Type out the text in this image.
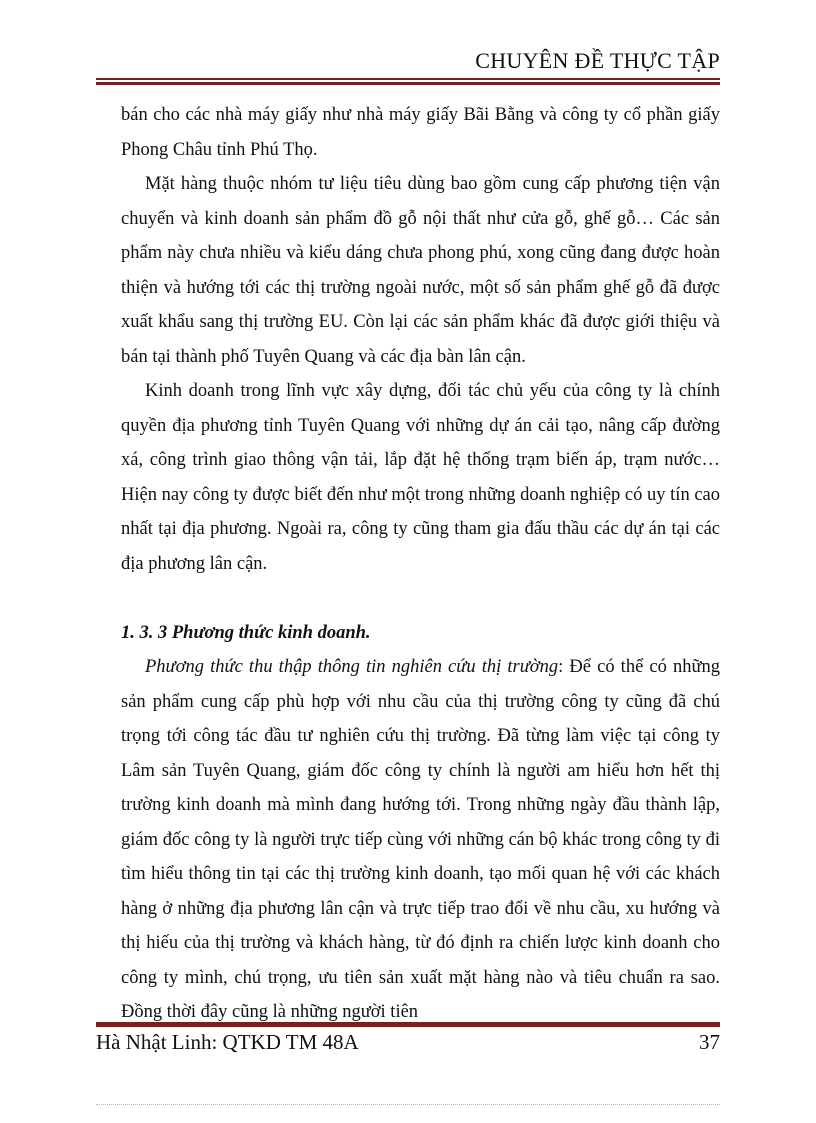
CHUYÊN ĐỀ THỰC TẬP

bán cho các nhà máy giấy như nhà máy giấy Bãi Bằng và công ty cổ phần giấy Phong Châu tỉnh Phú Thọ.

Mặt hàng thuộc nhóm tư liệu tiêu dùng bao gồm cung cấp phương tiện vận chuyển và kinh doanh sản phẩm đồ gỗ nội thất như cửa gỗ, ghế gỗ… Các sản phẩm này chưa nhiều và kiểu dáng chưa phong phú, xong cũng đang được hoàn thiện và hướng tới các thị trường ngoài nước, một số sản phẩm ghế gỗ đã được xuất khẩu sang thị trường EU. Còn lại các sản phẩm khác đã được giới thiệu và bán tại thành phố Tuyên Quang và các địa bàn lân cận.

Kinh doanh trong lĩnh vực xây dựng, đối tác chủ yếu của công ty là chính quyền địa phương tỉnh Tuyên Quang với những dự án cải tạo, nâng cấp đường xá, công trình giao thông vận tải, lắp đặt hệ thống trạm biến áp, trạm nước… Hiện nay công ty được biết đến như một trong những doanh nghiệp có uy tín cao nhất tại địa phương. Ngoài ra, công ty cũng tham gia đấu thầu các dự án tại các địa phương lân cận.

1. 3. 3 Phương thức kinh doanh.

Phương thức thu thập thông tin nghiên cứu thị trường: Để có thể có những sản phẩm cung cấp phù hợp với nhu cầu của thị trường công ty cũng đã chú trọng tới công tác đầu tư nghiên cứu thị trường. Đã từng làm việc tại công ty Lâm sản Tuyên Quang, giám đốc công ty chính là người am hiểu hơn hết thị trường kinh doanh mà mình đang hướng tới. Trong những ngày đầu thành lập, giám đốc công ty là người trực tiếp cùng với những cán bộ khác trong công ty đi tìm hiểu thông tin tại các thị trường kinh doanh, tạo mối quan hệ với các khách hàng ở những địa phương lân cận và trực tiếp trao đổi về nhu cầu, xu hướng và thị hiếu của thị trường và khách hàng, từ đó định ra chiến lược kinh doanh cho công ty mình, chú trọng, ưu tiên sản xuất mặt hàng nào và tiêu chuẩn ra sao. Đồng thời đây cũng là những người tiên

Hà Nhật Linh: QTKD TM 48A	37
